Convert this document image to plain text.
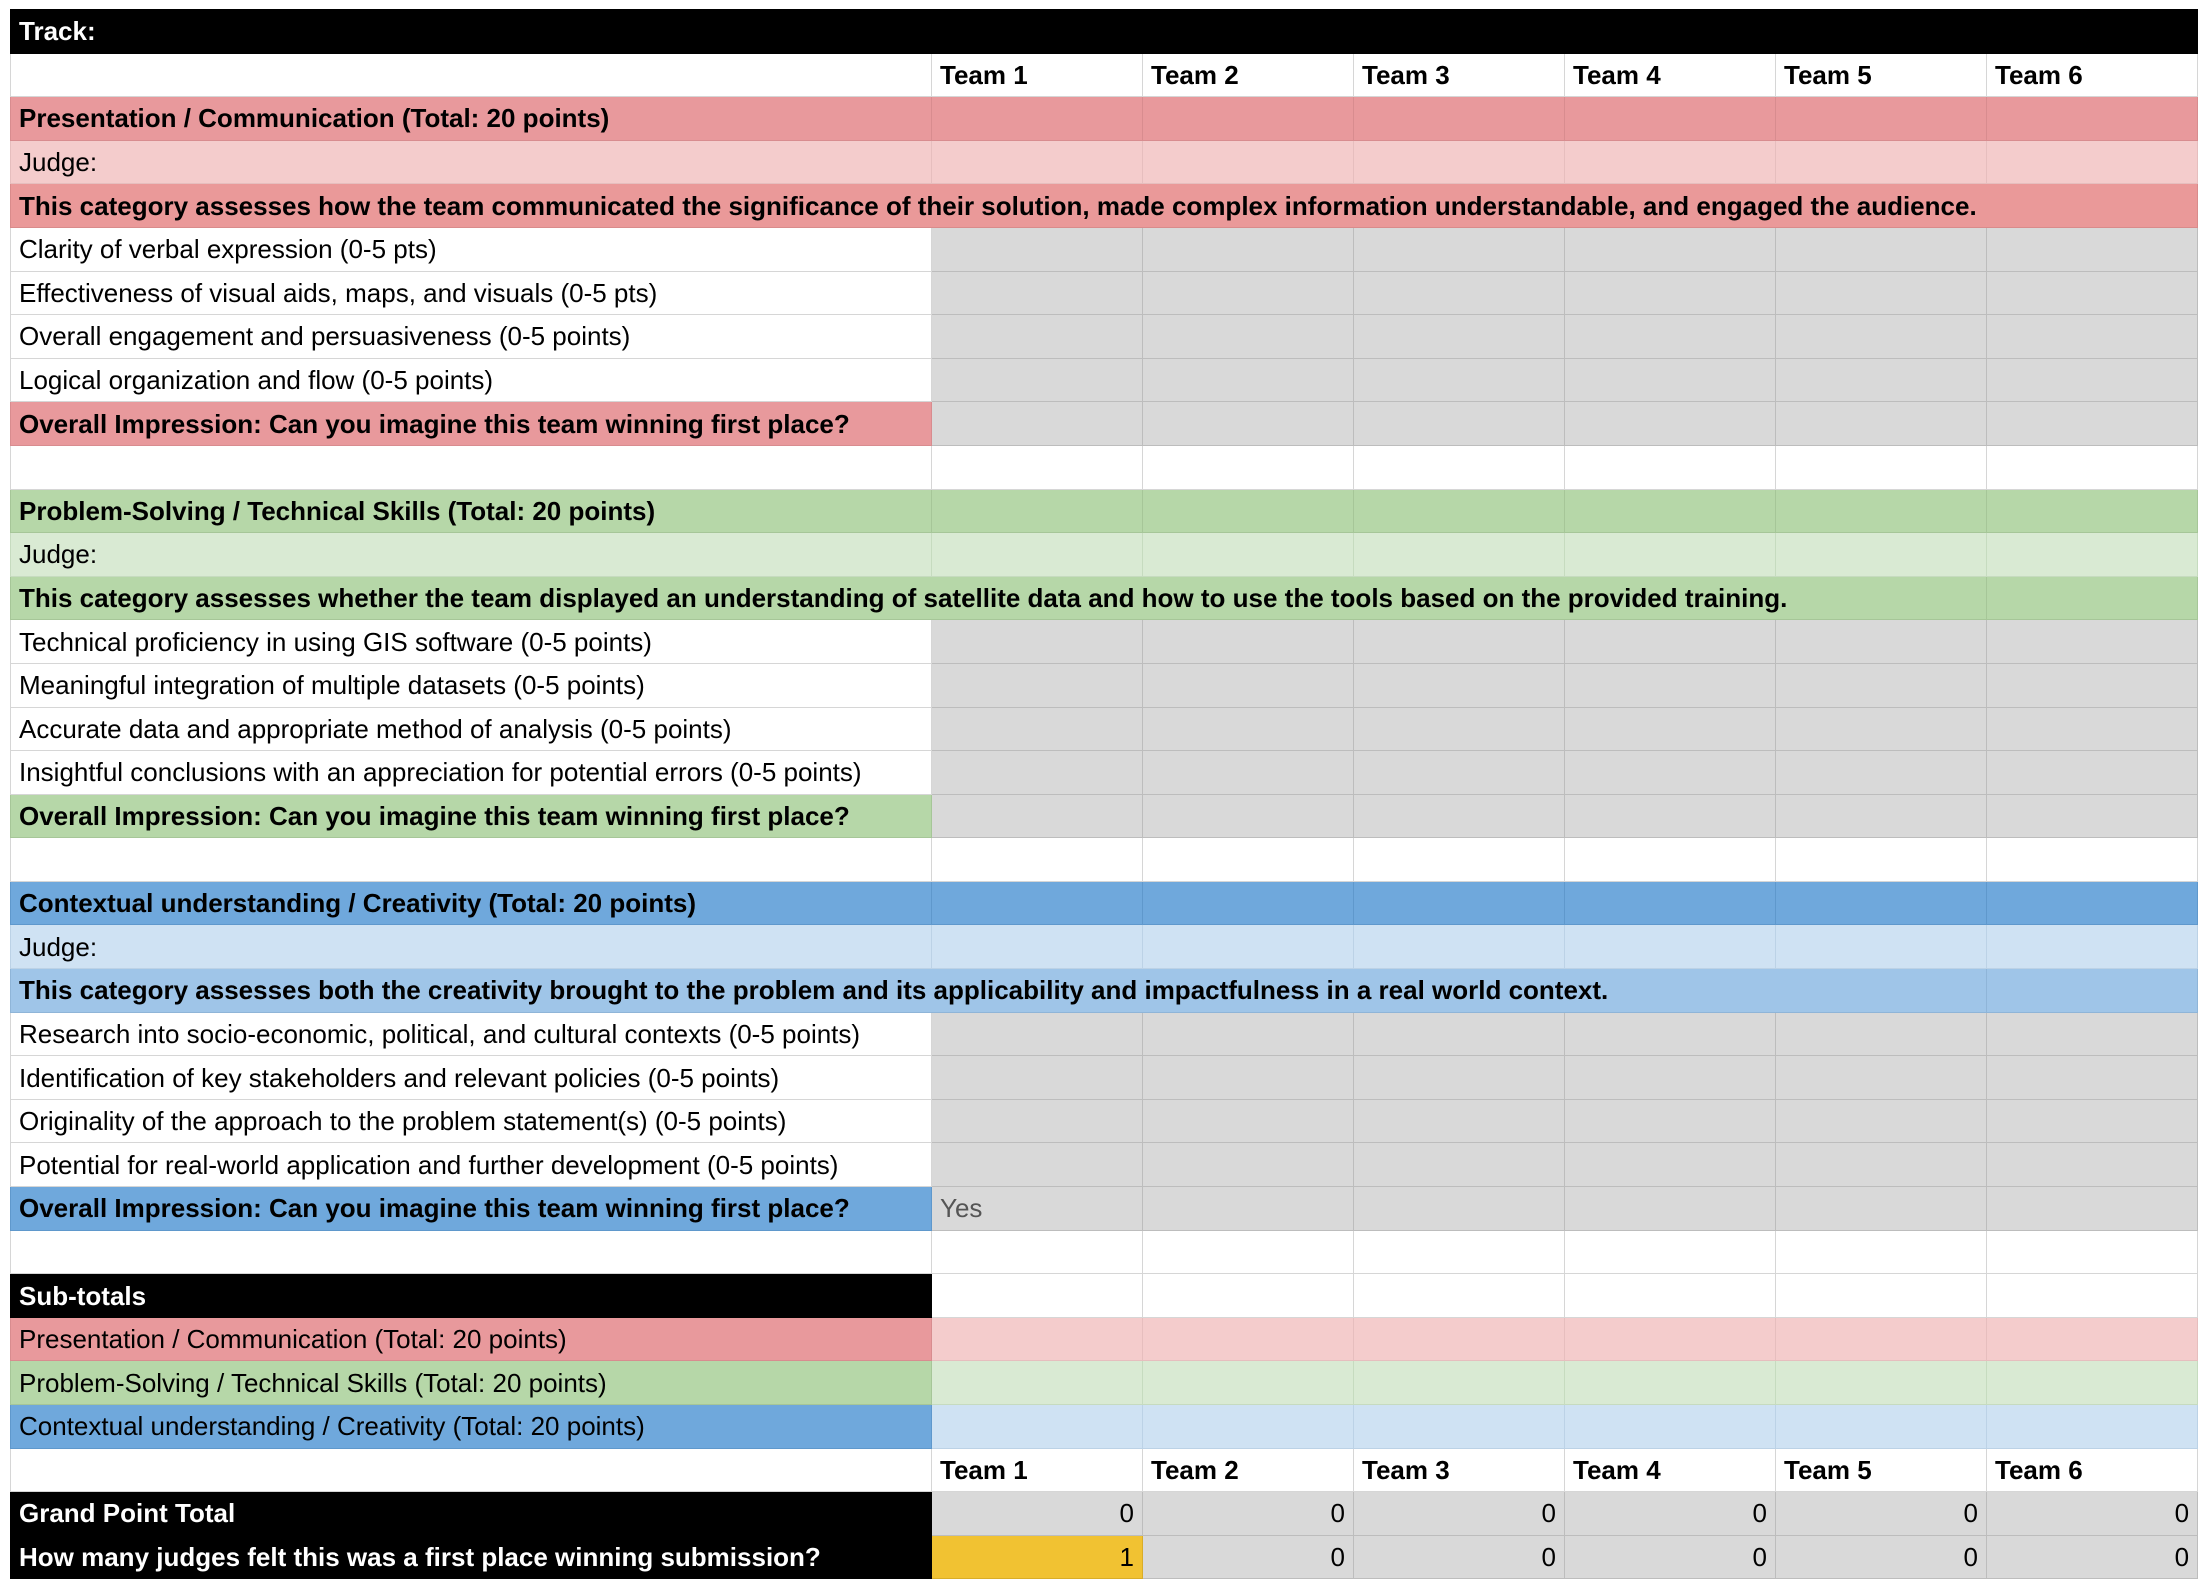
Track:						
	Team 1	Team 2	Team 3	Team 4	Team 5	Team 6
Presentation / Communication (Total: 20 points)						
Judge:						
This category assesses how the team communicated the significance of their solution, made complex information understandable, and engaged the audience.						
Clarity of verbal expression (0-5 pts)						
Effectiveness of visual aids, maps, and visuals (0-5 pts)						
Overall engagement and persuasiveness (0-5 points)						
Logical organization and flow (0-5 points)						
Overall Impression: Can you imagine this team winning first place?						

Problem-Solving / Technical Skills (Total: 20 points)						
Judge:						
This category assesses whether the team displayed an understanding of satellite data and how to use the tools based on the provided training.						
Technical proficiency in using GIS software (0-5 points)						
Meaningful integration of multiple datasets (0-5 points)						
Accurate data and appropriate method of analysis (0-5 points)						
Insightful conclusions with an appreciation for potential errors (0-5 points)						
Overall Impression: Can you imagine this team winning first place?						

Contextual understanding / Creativity (Total: 20 points)						
Judge:						
This category assesses both the creativity brought to the problem and its applicability and impactfulness in a real world context.						
Research into socio-economic, political, and cultural contexts (0-5 points)						
Identification of key stakeholders and relevant policies (0-5 points)						
Originality of the approach to the problem statement(s) (0-5 points)						
Potential for real-world application and further development (0-5 points)						
Overall Impression: Can you imagine this team winning first place?	Yes					

Sub-totals						
Presentation / Communication (Total: 20 points)						
Problem-Solving / Technical Skills (Total: 20 points)						
Contextual understanding / Creativity (Total: 20 points)						
	Team 1	Team 2	Team 3	Team 4	Team 5	Team 6
Grand Point Total	0	0	0	0	0	0
How many judges felt this was a first place winning submission?	1	0	0	0	0	0
